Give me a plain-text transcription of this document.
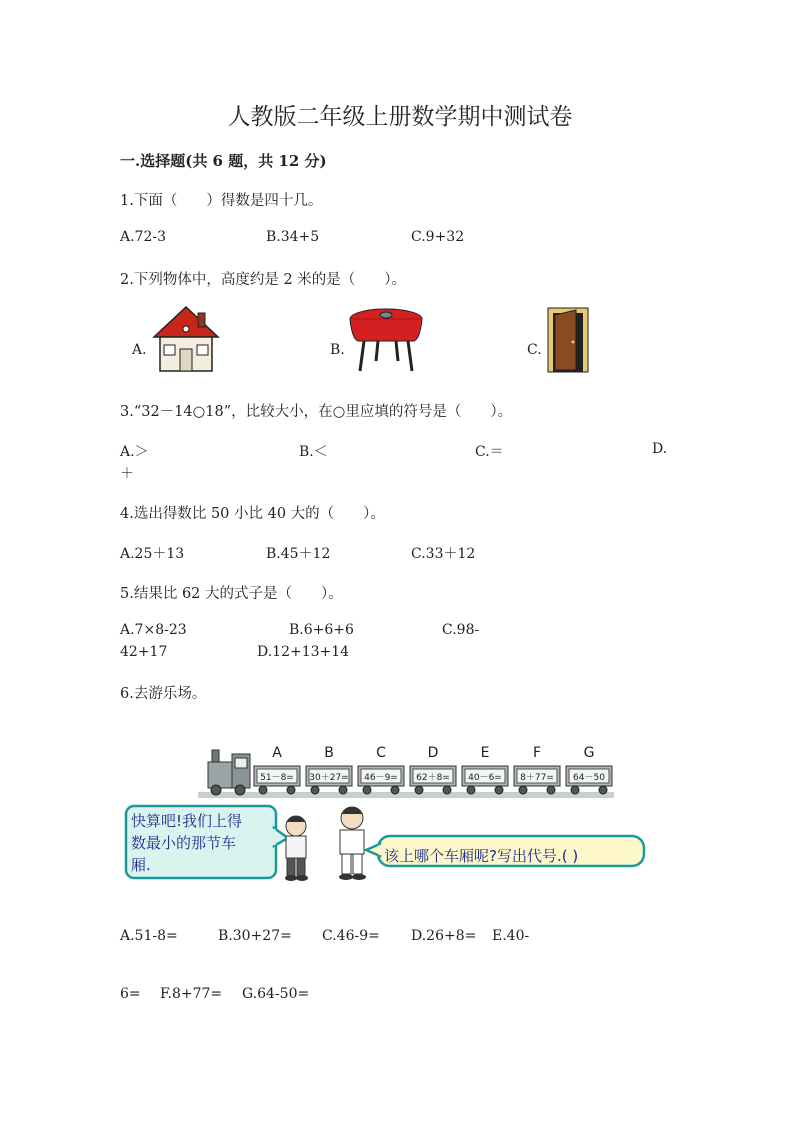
人教版二年级上册数学期中测试卷
一.选择题(共 6 题，共 12 分)
1.下面（　　）得数是四十几。
A.72-3	B.34+5	C.9+32
2.下列物体中，高度约是 2 米的是（　　）。
A.	B.	C.
3.“32－14○18”，比较大小，在○里应填的符号是（　　）。
A.＞	B.＜	C.＝	D.
＋
4.选出得数比 50 小比 40 大的（　　）。
A.25＋13	B.45＋12	C.33＋12
5.结果比 62 大的式子是（　　）。
A.7×8-23	B.6+6+6	C.98-
42+17	D.12+13+14
6.去游乐场。
51－8=
A
30＋27=
B
46－9=
C
62＋8=
D
40－6=
E
8＋77=
F
64－50
G
快算吧!我们上得
数最小的那节车
厢.	该上哪个车厢呢?写出代号.( )
A.51-8=	B.30+27= C.46-9= D.26+8= E.40-
6= F.8+77= G.64-50=
